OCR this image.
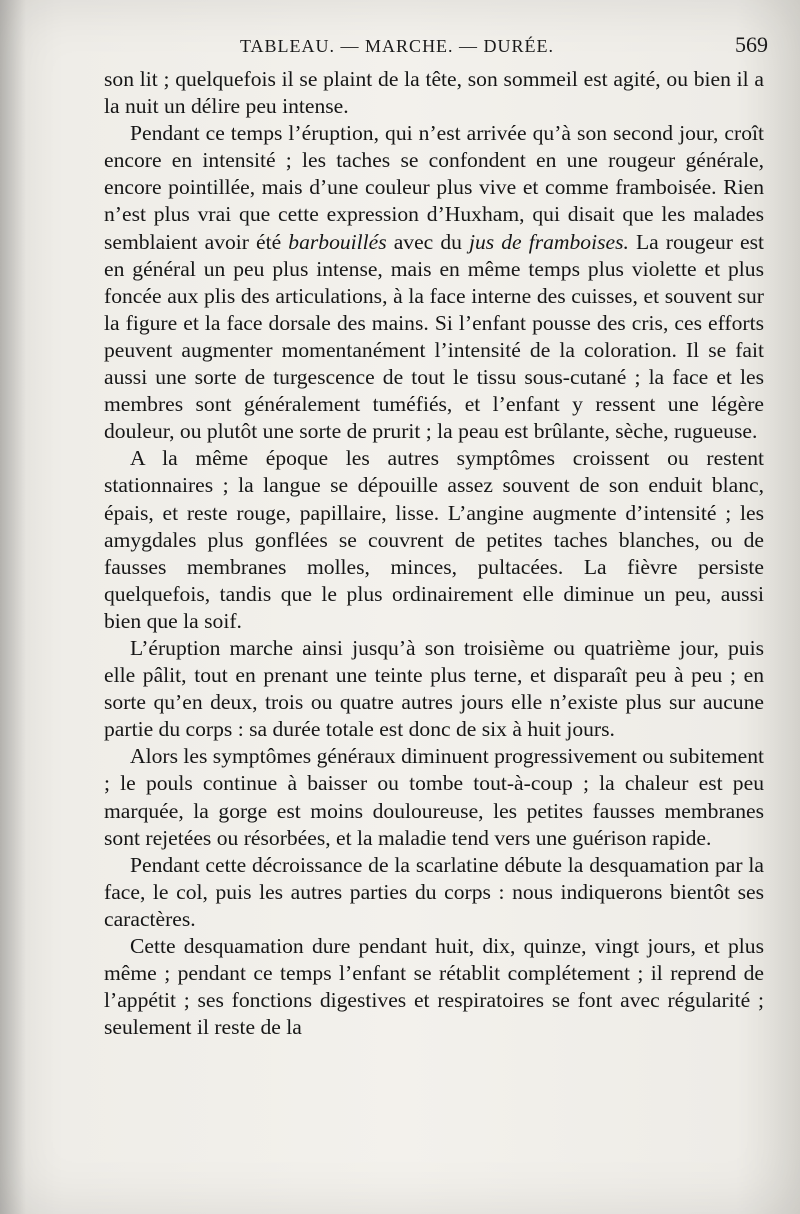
TABLEAU. — MARCHE. — DURÉE.	569

son lit ; quelquefois il se plaint de la tête, son sommeil est agité, ou bien il a la nuit un délire peu intense.

Pendant ce temps l’éruption, qui n’est arrivée qu’à son second jour, croît encore en intensité ; les taches se confondent en une rougeur générale, encore pointillée, mais d’une couleur plus vive et comme framboisée. Rien n’est plus vrai que cette expression d’Huxham, qui disait que les malades semblaient avoir été barbouillés avec du jus de framboises. La rougeur est en général un peu plus intense, mais en même temps plus violette et plus foncée aux plis des articulations, à la face interne des cuisses, et souvent sur la figure et la face dorsale des mains. Si l’enfant pousse des cris, ces efforts peuvent augmenter momentanément l’intensité de la coloration. Il se fait aussi une sorte de turgescence de tout le tissu sous-cutané ; la face et les membres sont généralement tuméfiés, et l’enfant y ressent une légère douleur, ou plutôt une sorte de prurit ; la peau est brûlante, sèche, rugueuse.

A la même époque les autres symptômes croissent ou restent stationnaires ; la langue se dépouille assez souvent de son enduit blanc, épais, et reste rouge, papillaire, lisse. L’angine augmente d’intensité ; les amygdales plus gonflées se couvrent de petites taches blanches, ou de fausses membranes molles, minces, pultacées. La fièvre persiste quelquefois, tandis que le plus ordinairement elle diminue un peu, aussi bien que la soif.

L’éruption marche ainsi jusqu’à son troisième ou quatrième jour, puis elle pâlit, tout en prenant une teinte plus terne, et disparaît peu à peu ; en sorte qu’en deux, trois ou quatre autres jours elle n’existe plus sur aucune partie du corps : sa durée totale est donc de six à huit jours.

Alors les symptômes généraux diminuent progressivement ou subitement ; le pouls continue à baisser ou tombe tout-à-coup ; la chaleur est peu marquée, la gorge est moins douloureuse, les petites fausses membranes sont rejetées ou résorbées, et la maladie tend vers une guérison rapide.

Pendant cette décroissance de la scarlatine débute la desquamation par la face, le col, puis les autres parties du corps : nous indiquerons bientôt ses caractères.

Cette desquamation dure pendant huit, dix, quinze, vingt jours, et plus même ; pendant ce temps l’enfant se rétablit complétement ; il reprend de l’appétit ; ses fonctions digestives et respiratoires se font avec régularité ; seulement il reste de la
